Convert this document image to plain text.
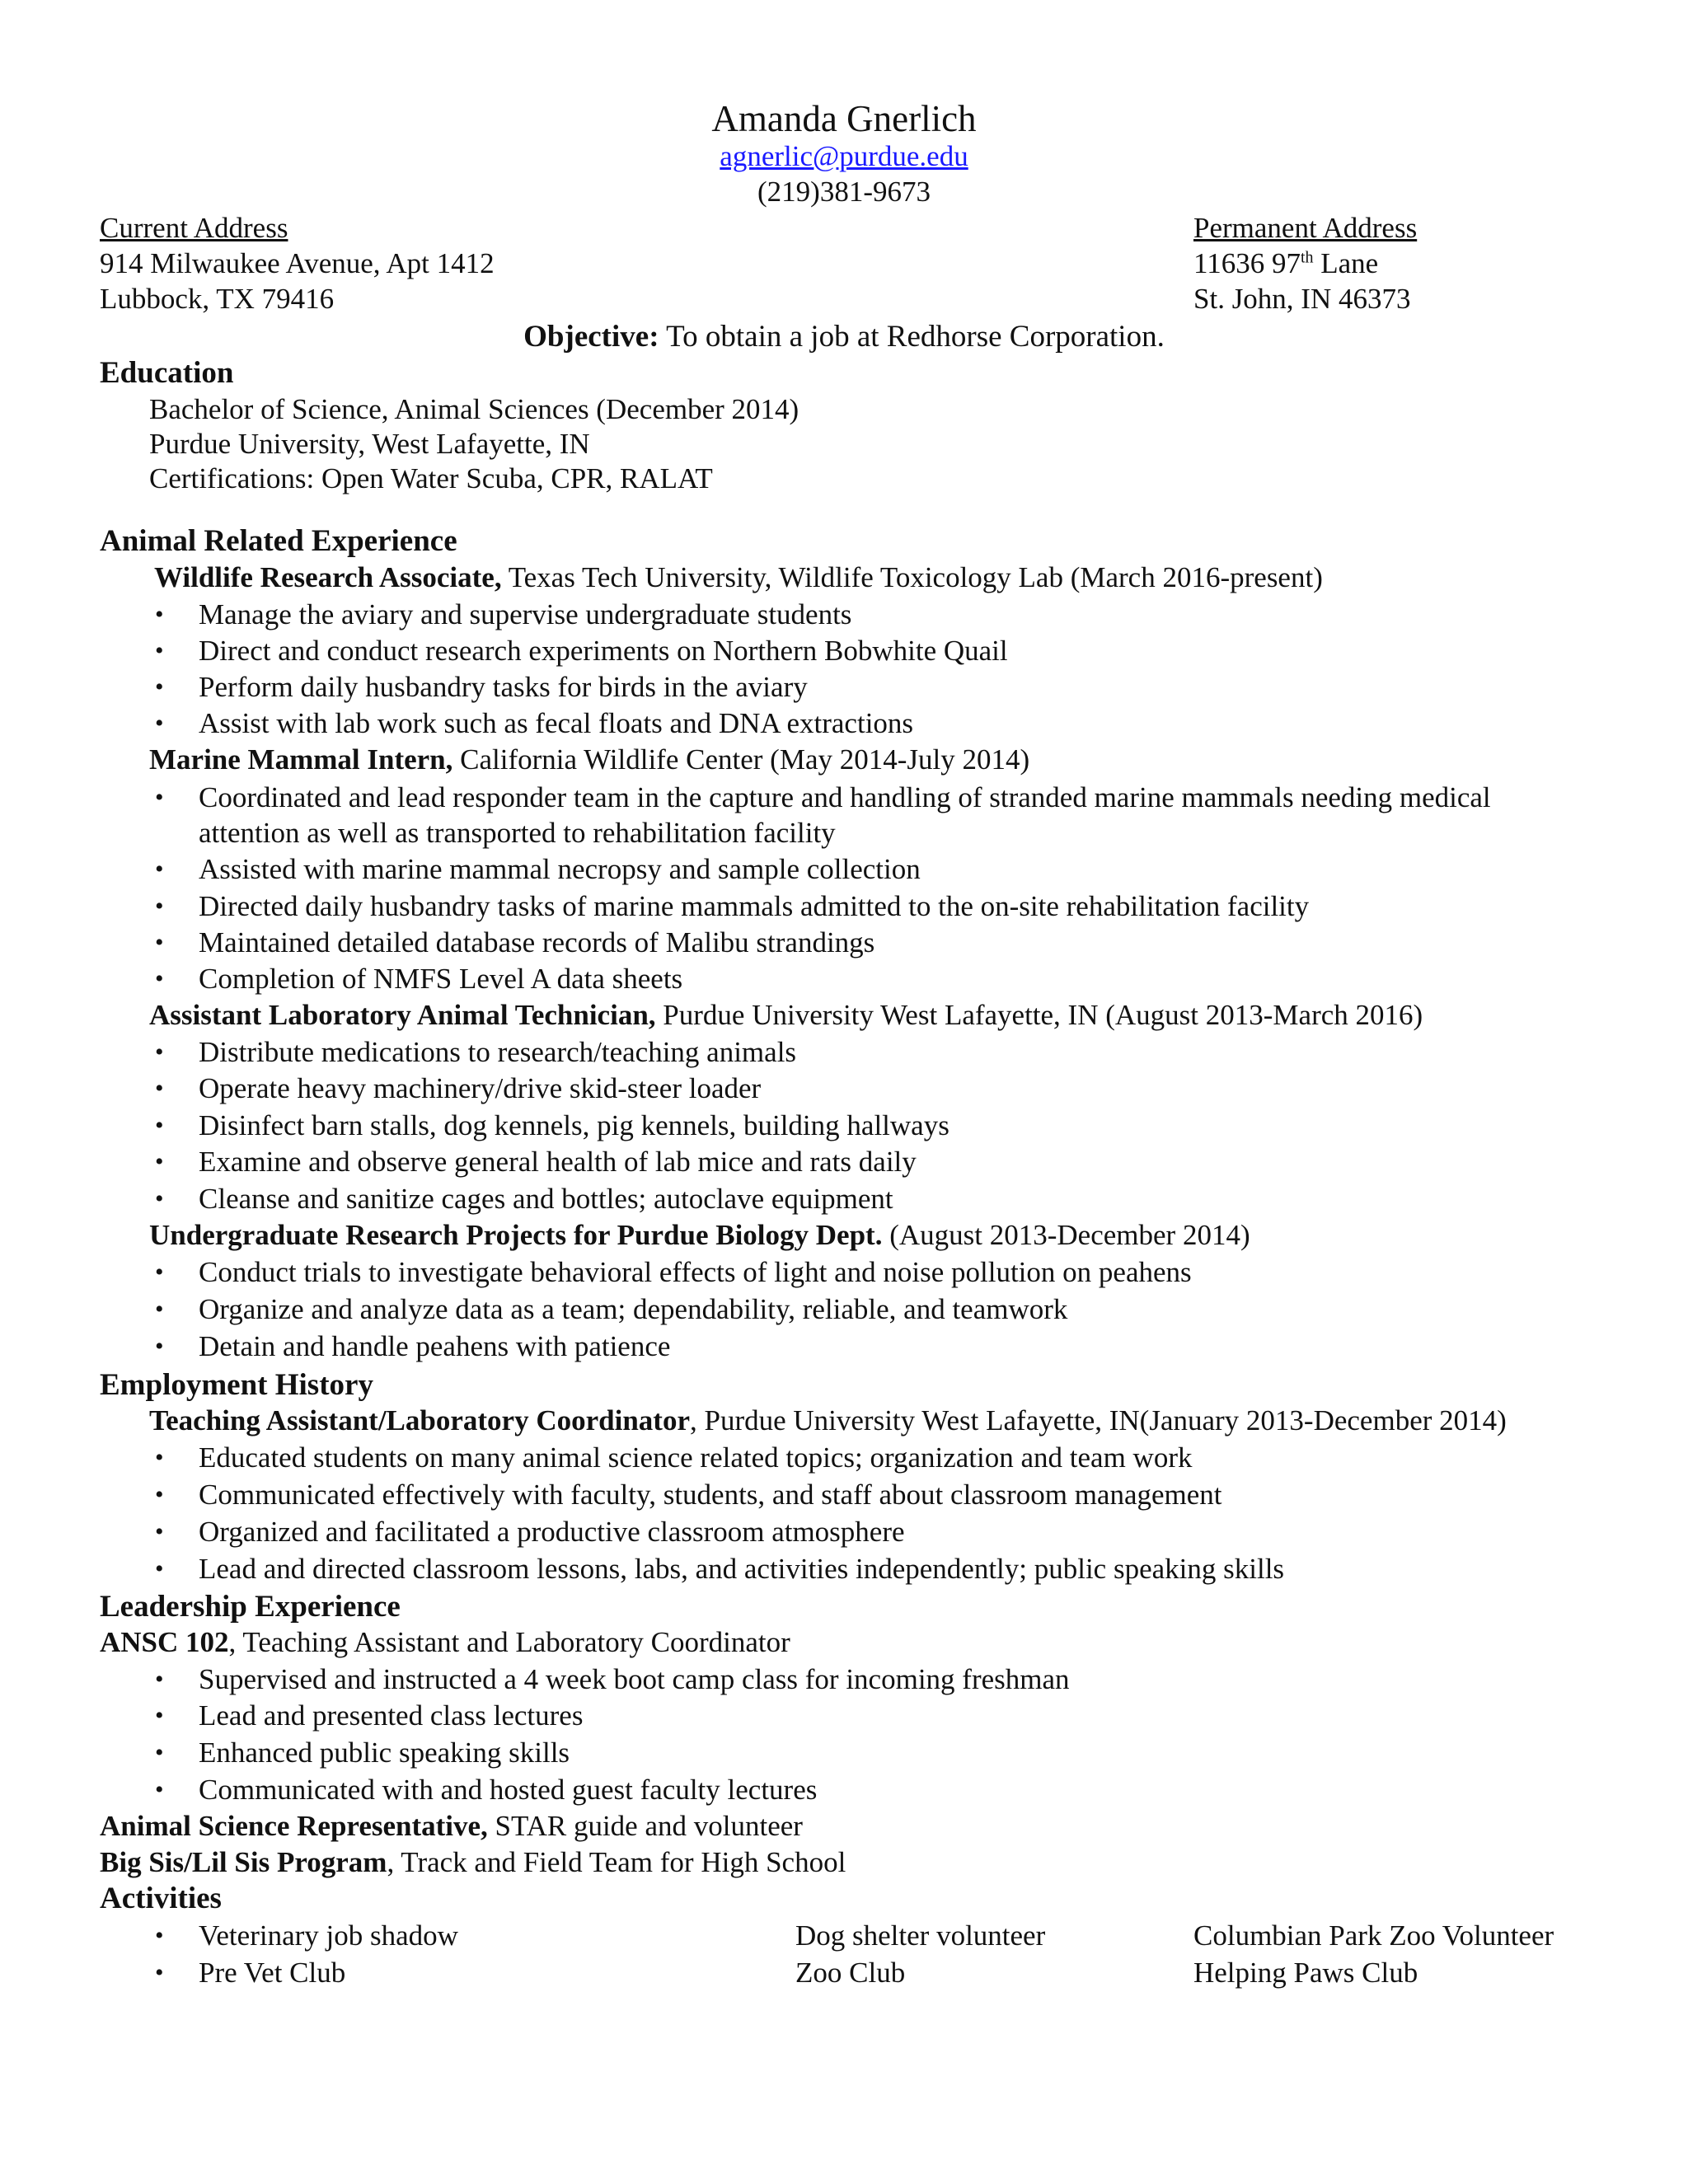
Amanda Gnerlich
agnerlic@purdue.edu
(219)381-9673
Current Address
914 Milwaukee Avenue, Apt 1412
Lubbock, TX 79416
Permanent Address
11636 97th Lane
St. John, IN 46373
Objective: To obtain a job at Redhorse Corporation.
Education
Bachelor of Science, Animal Sciences (December 2014)
Purdue University, West Lafayette, IN
Certifications: Open Water Scuba, CPR, RALAT
Animal Related Experience
Wildlife Research Associate, Texas Tech University, Wildlife Toxicology Lab (March 2016-present)
• Manage the aviary and supervise undergraduate students
• Direct and conduct research experiments on Northern Bobwhite Quail
• Perform daily husbandry tasks for birds in the aviary
• Assist with lab work such as fecal floats and DNA extractions
Marine Mammal Intern, California Wildlife Center (May 2014-July 2014)
• Coordinated and lead responder team in the capture and handling of stranded marine mammals needing medical
attention as well as transported to rehabilitation facility
• Assisted with marine mammal necropsy and sample collection
• Directed daily husbandry tasks of marine mammals admitted to the on-site rehabilitation facility
• Maintained detailed database records of Malibu strandings
• Completion of NMFS Level A data sheets
Assistant Laboratory Animal Technician, Purdue University West Lafayette, IN (August 2013-March 2016)
• Distribute medications to research/teaching animals
• Operate heavy machinery/drive skid-steer loader
• Disinfect barn stalls, dog kennels, pig kennels, building hallways
• Examine and observe general health of lab mice and rats daily
• Cleanse and sanitize cages and bottles; autoclave equipment
Undergraduate Research Projects for Purdue Biology Dept. (August 2013-December 2014)
• Conduct trials to investigate behavioral effects of light and noise pollution on peahens
• Organize and analyze data as a team; dependability, reliable, and teamwork
• Detain and handle peahens with patience
Employment History
Teaching Assistant/Laboratory Coordinator, Purdue University West Lafayette, IN(January 2013-December 2014)
• Educated students on many animal science related topics; organization and team work
• Communicated effectively with faculty, students, and staff about classroom management
• Organized and facilitated a productive classroom atmosphere
• Lead and directed classroom lessons, labs, and activities independently; public speaking skills
Leadership Experience
ANSC 102, Teaching Assistant and Laboratory Coordinator
• Supervised and instructed a 4 week boot camp class for incoming freshman
• Lead and presented class lectures
• Enhanced public speaking skills
• Communicated with and hosted guest faculty lectures
Animal Science Representative, STAR guide and volunteer
Big Sis/Lil Sis Program, Track and Field Team for High School
Activities
• Veterinary job shadow	Dog shelter volunteer	Columbian Park Zoo Volunteer
• Pre Vet Club	Zoo Club	Helping Paws Club
